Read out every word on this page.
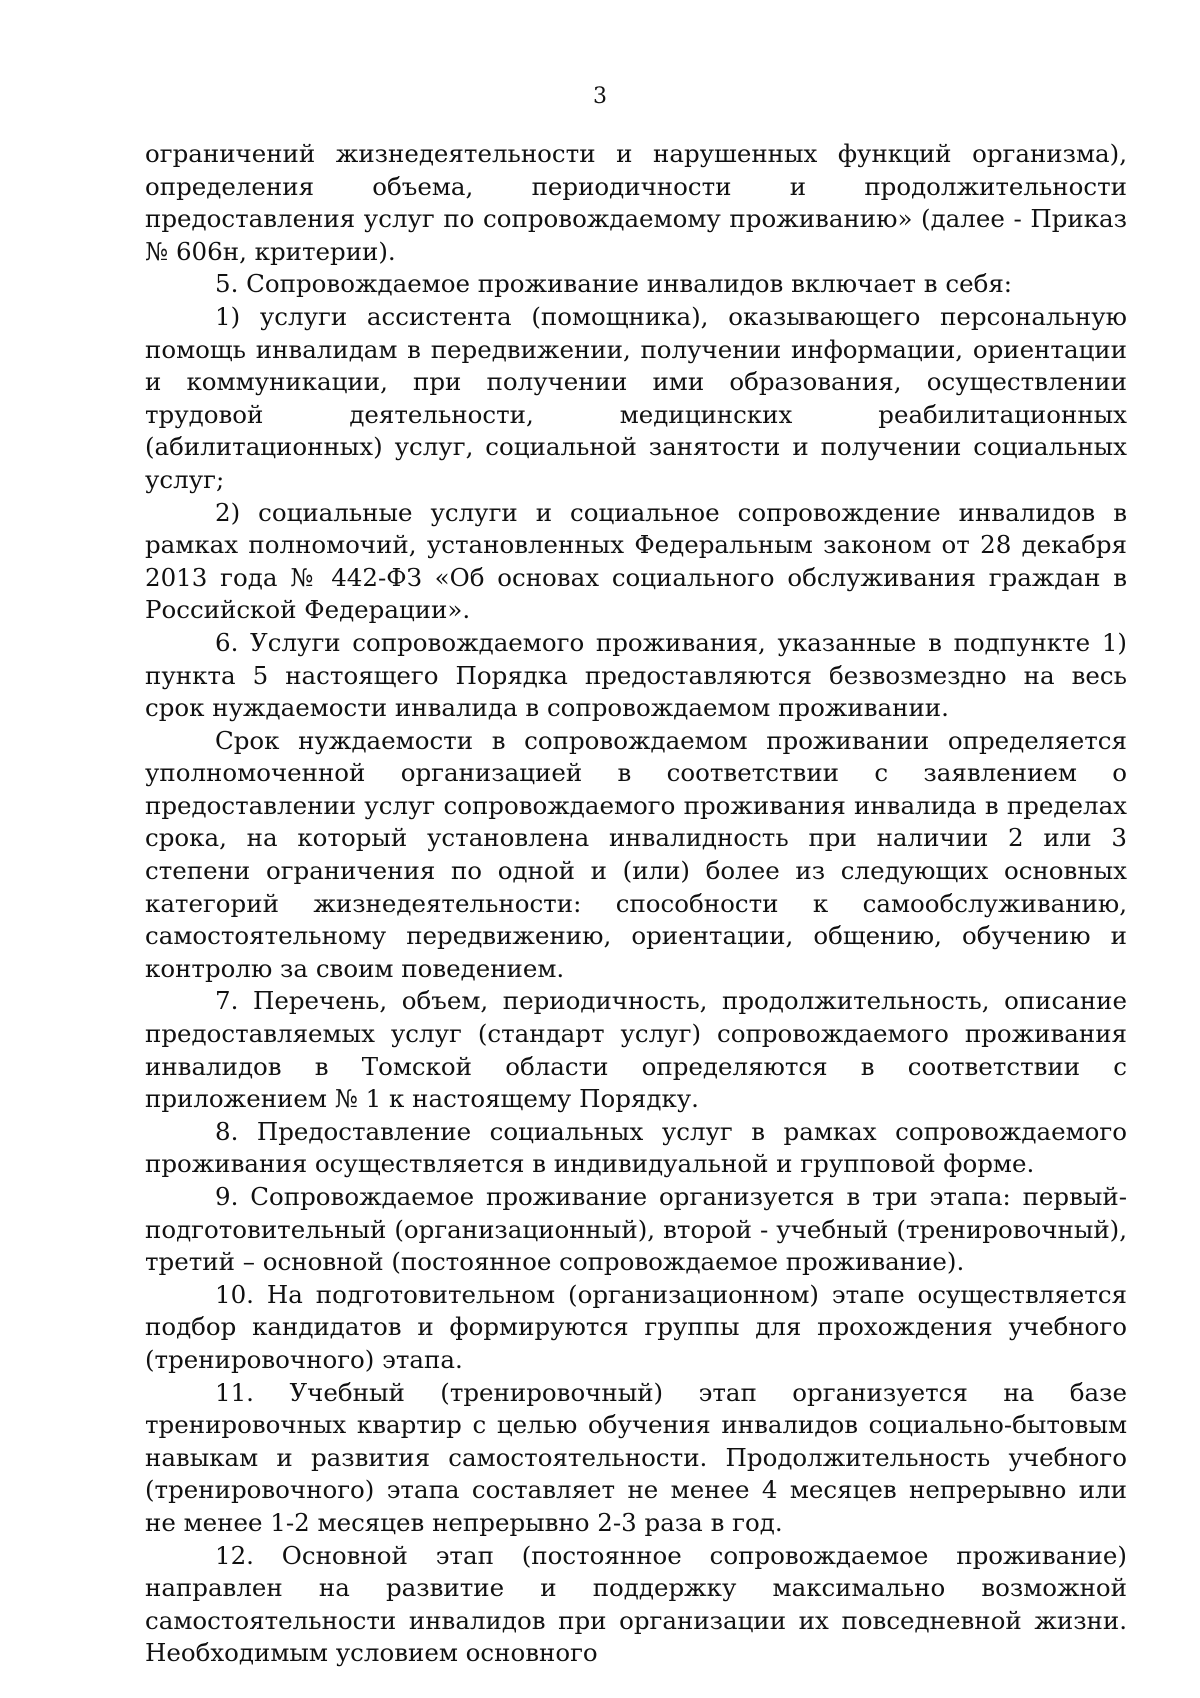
3

ограничений жизнедеятельности и нарушенных функций организма), определения объема, периодичности и продолжительности предоставления услуг по сопровождаемому проживанию» (далее - Приказ № 606н, критерии).

5. Сопровождаемое проживание инвалидов включает в себя:

1) услуги ассистента (помощника), оказывающего персональную помощь инвалидам в передвижении, получении информации, ориентации и коммуникации, при получении ими образования, осуществлении трудовой деятельности, медицинских реабилитационных (абилитационных) услуг, социальной занятости и получении социальных услуг;

2) социальные услуги и социальное сопровождение инвалидов в рамках полномочий, установленных Федеральным законом от 28 декабря 2013 года № 442-ФЗ «Об основах социального обслуживания граждан в Российской Федерации».

6. Услуги сопровождаемого проживания, указанные в подпункте 1) пункта 5 настоящего Порядка предоставляются безвозмездно на весь срок нуждаемости инвалида в сопровождаемом проживании.

Срок нуждаемости в сопровождаемом проживании определяется уполномоченной организацией в соответствии с заявлением о предоставлении услуг сопровождаемого проживания инвалида в пределах срока, на который установлена инвалидность при наличии 2 или 3 степени ограничения по одной и (или) более из следующих основных категорий жизнедеятельности: способности к самообслуживанию, самостоятельному передвижению, ориентации, общению, обучению и контролю за своим поведением.

7. Перечень, объем, периодичность, продолжительность, описание предоставляемых услуг (стандарт услуг) сопровождаемого проживания инвалидов в Томской области определяются в соответствии с приложением № 1 к настоящему Порядку.

8. Предоставление социальных услуг в рамках сопровождаемого проживания осуществляется в индивидуальной и групповой форме.

9. Сопровождаемое проживание организуется в три этапа: первый- подготовительный (организационный), второй - учебный (тренировочный), третий – основной (постоянное сопровождаемое проживание).

10. На подготовительном (организационном) этапе осуществляется подбор кандидатов и формируются группы для прохождения учебного (тренировочного) этапа.

11. Учебный (тренировочный) этап организуется на базе тренировочных квартир с целью обучения инвалидов социально-бытовым навыкам и развития самостоятельности. Продолжительность учебного (тренировочного) этапа составляет не менее 4 месяцев непрерывно или не менее 1-2 месяцев непрерывно 2-3 раза в год.

12. Основной этап (постоянное сопровождаемое проживание) направлен на развитие и поддержку максимально возможной самостоятельности инвалидов при организации их повседневной жизни. Необходимым условием основного
